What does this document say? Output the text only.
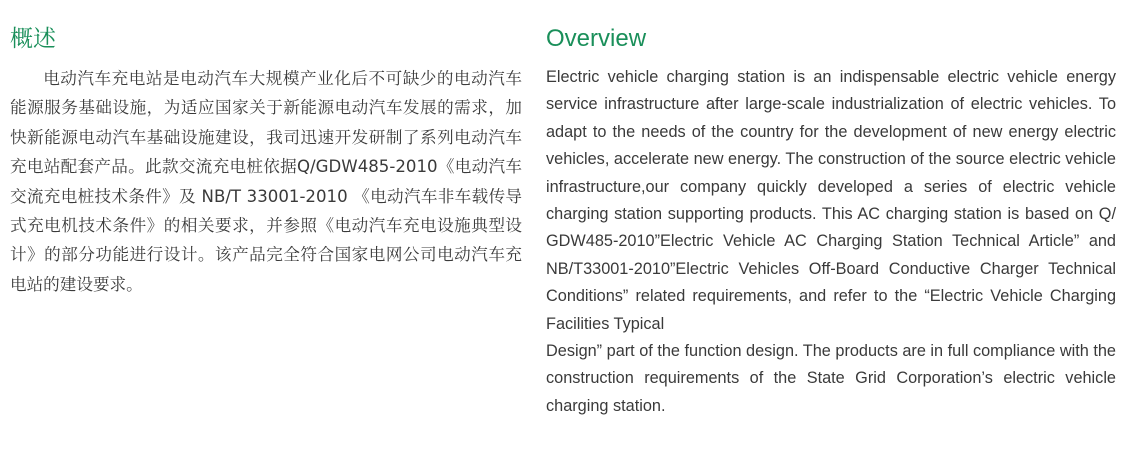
概述

电动汽车充电站是电动汽车大规模产业化后不可缺少的电动汽车能源服务基础设施，为适应国家关于新能源电动汽车发展的需求，加快新能源电动汽车基础设施建设，我司迅速开发研制了系列电动汽车充电站配套产品。此款交流充电桩依据Q/GDW485-2010《电动汽车交流充电桩技术条件》及 NB/T 33001-2010 《电动汽车非车载传导式充电机技术条件》的相关要求，并参照《电动汽车充电设施典型设计》的部分功能进行设计。该产品完全符合国家电网公司电动汽车充电站的建设要求。

Overview
Electric vehicle charging station is an indispensable electric vehicle energy service infrastructure after large-scale industrialization of electric vehicles. To adapt to the needs of the country for the development of new energy electric vehicles, accelerate new energy. The construction of the source electric vehicle infrastructure,our company quickly developed a series of electric vehicle charging station supporting products. This AC charging station is based on Q/ GDW485-2010”Electric Vehicle AC Charging Station Technical Article” and NB/T33001-2010”Electric Vehicles Off-Board Conductive Charger Technical Conditions” related requirements, and refer to the “Electric Vehicle Charging Facilities Typical
Design” part of the function design. The products are in full compliance with the construction requirements of the State Grid Corporation’s electric vehicle charging station.
